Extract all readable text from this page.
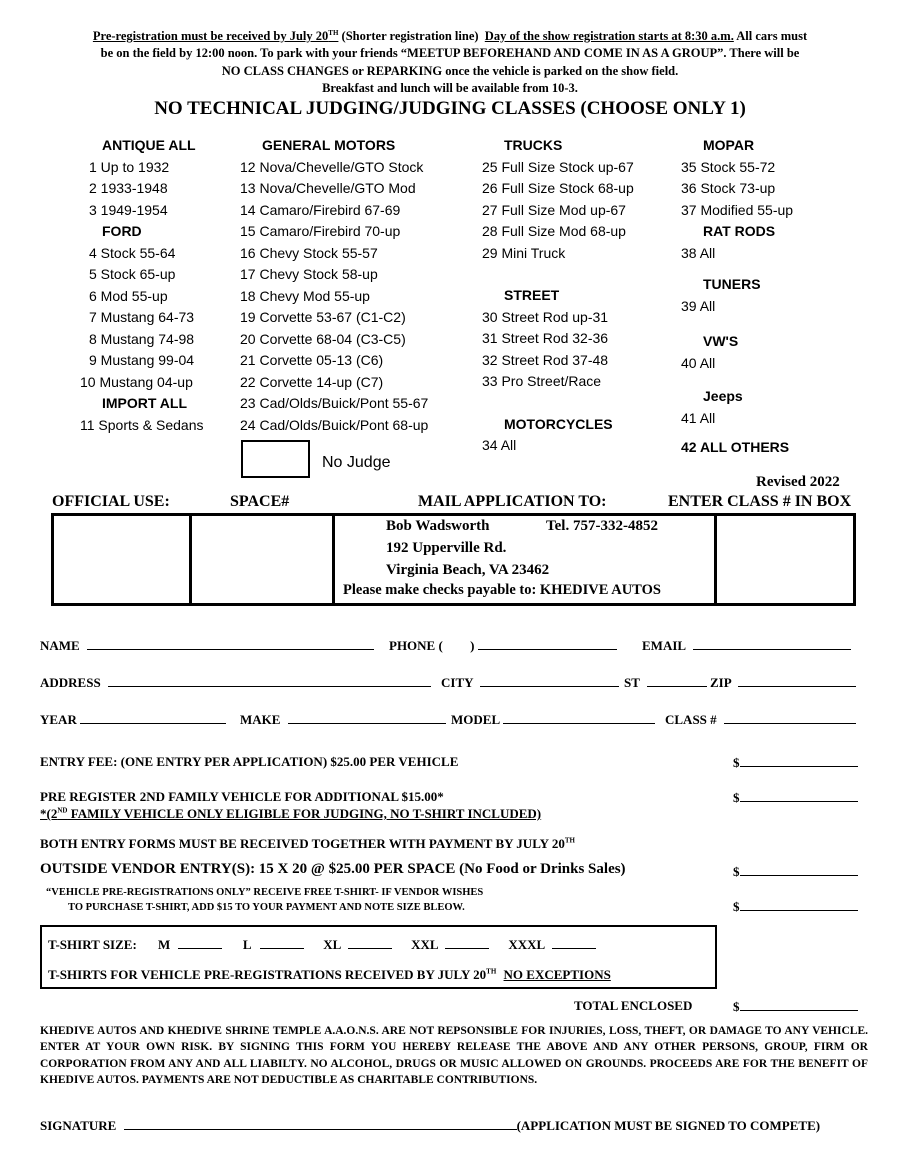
Pre-registration must be received by July 20TH (Shorter registration line) Day of the show registration starts at 8:30 a.m. All cars must
be on the field by 12:00 noon. To park with your friends “MEETUP BEFOREHAND AND COME IN AS A GROUP”. There will be
NO CLASS CHANGES or REPARKING once the vehicle is parked on the show field.
Breakfast and lunch will be available from 10-3.
NO TECHNICAL JUDGING/JUDGING CLASSES (CHOOSE ONLY 1)
ANTIQUE ALL
1 Up to 1932
2 1933-1948
3 1949-1954
FORD
4 Stock 55-64
5 Stock 65-up
6 Mod 55-up
7 Mustang 64-73
8 Mustang 74-98
9 Mustang 99-04
10 Mustang 04-up
IMPORT ALL
11 Sports & Sedans
GENERAL MOTORS
12 Nova/Chevelle/GTO Stock
13 Nova/Chevelle/GTO Mod
14 Camaro/Firebird 67-69
15 Camaro/Firebird 70-up
16 Chevy Stock 55-57
17 Chevy Stock 58-up
18 Chevy Mod 55-up
19 Corvette 53-67 (C1-C2)
20 Corvette 68-04 (C3-C5)
21 Corvette 05-13 (C6)
22 Corvette 14-up (C7)
23 Cad/Olds/Buick/Pont 55-67
24 Cad/Olds/Buick/Pont 68-up
TRUCKS
25 Full Size Stock up-67
26 Full Size Stock 68-up
27 Full Size Mod up-67
28 Full Size Mod 68-up
29 Mini Truck
STREET
30 Street Rod up-31
31 Street Rod 32-36
32 Street Rod 37-48
33 Pro Street/Race
MOTORCYCLES
34 All
MOPAR
35 Stock 55-72
36 Stock 73-up
37 Modified 55-up
RAT RODS
38 All
TUNERS
39 All
VW'S
40 All
Jeeps
41 All
42 ALL OTHERS
No Judge
Revised 2022
OFFICIAL USE:	SPACE#	MAIL APPLICATION TO:	ENTER CLASS # IN BOX
Bob Wadsworth	Tel. 757-332-4852
192 Upperville Rd.
Virginia Beach, VA 23462
Please make checks payable to: KHEDIVE AUTOS
NAME	PHONE ( )	EMAIL
ADDRESS	CITY	ST	ZIP
YEAR	MAKE	MODEL	CLASS #
ENTRY FEE: (ONE ENTRY PER APPLICATION) $25.00 PER VEHICLE	$
PRE REGISTER 2ND FAMILY VEHICLE FOR ADDITIONAL $15.00*	$
*(2ND FAMILY VEHICLE ONLY ELIGIBLE FOR JUDGING, NO T-SHIRT INCLUDED)
BOTH ENTRY FORMS MUST BE RECEIVED TOGETHER WITH PAYMENT BY JULY 20TH
OUTSIDE VENDOR ENTRY(S): 15 X 20 @ $25.00 PER SPACE (No Food or Drinks Sales)	$
“VEHICLE PRE-REGISTRATIONS ONLY” RECEIVE FREE T-SHIRT- IF VENDOR WISHES
TO PURCHASE T-SHIRT, ADD $15 TO YOUR PAYMENT AND NOTE SIZE BLEOW.	$
T-SHIRT SIZE: M	L	XL	XXL	XXXL
T-SHIRTS FOR VEHICLE PRE-REGISTRATIONS RECEIVED BY JULY 20TH NO EXCEPTIONS
TOTAL ENCLOSED	$
KHEDIVE AUTOS AND KHEDIVE SHRINE TEMPLE A.A.O.N.S. ARE NOT REPSONSIBLE FOR INJURIES, LOSS, THEFT, OR DAMAGE TO ANY VEHICLE. ENTER AT YOUR OWN RISK. BY SIGNING THIS FORM YOU HEREBY RELEASE THE ABOVE AND ANY OTHER PERSONS, GROUP, FIRM OR CORPORATION FROM ANY AND ALL LIABILTY. NO ALCOHOL, DRUGS OR MUSIC ALLOWED ON GROUNDS. PROCEEDS ARE FOR THE BENEFIT OF KHEDIVE AUTOS. PAYMENTS ARE NOT DEDUCTIBLE AS CHARITABLE CONTRIBUTIONS.
SIGNATURE	(APPLICATION MUST BE SIGNED TO COMPETE)
